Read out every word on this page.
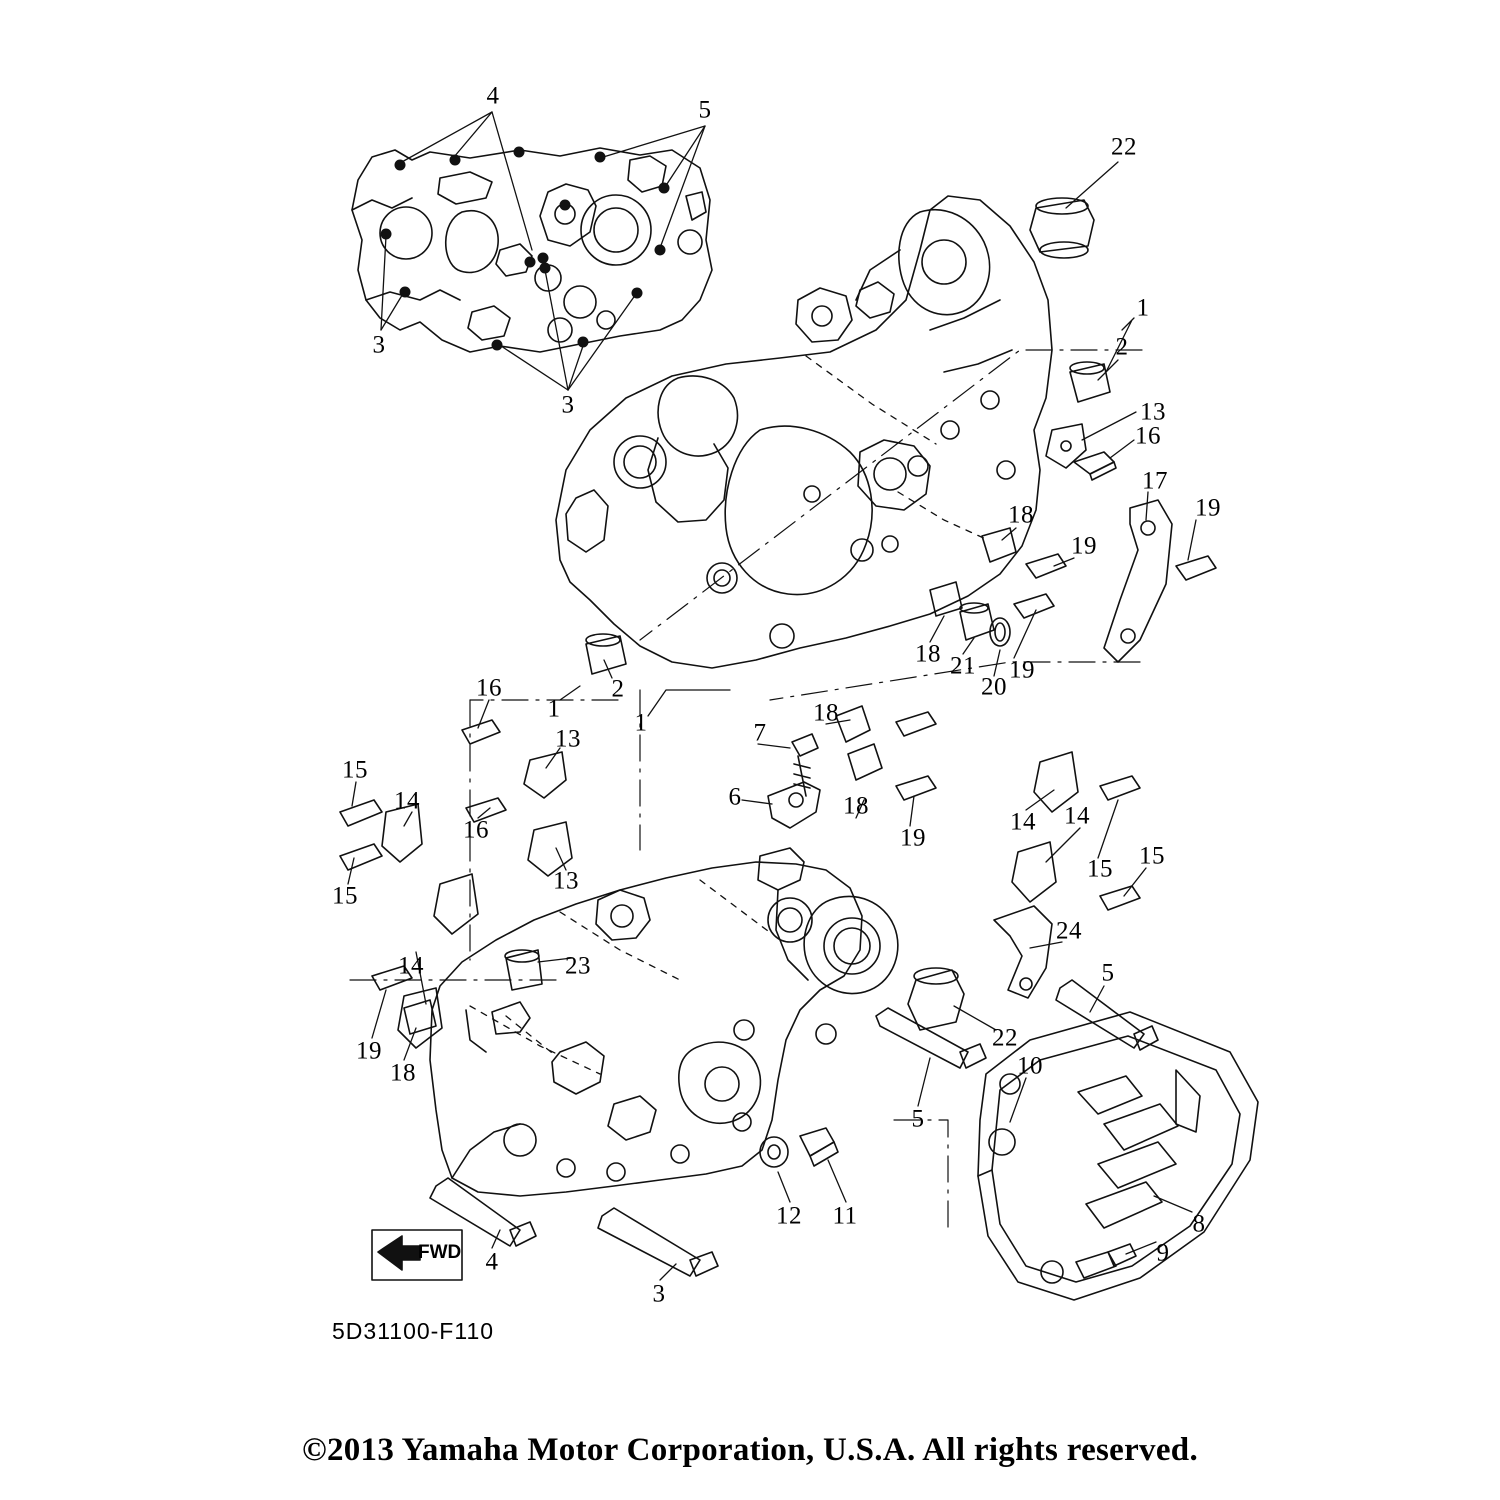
4
5
22
3
1
2
3	13
16
17
19
18
19
18 21 19
20
16	2
1	18
1	7
13
15
6	18
14
16	19
14 14
15 15
13
15
24
14	23	5
19	22
18	10
5
12 11	8
4	9
3
FWD
5D31100-F110
©2013 Yamaha Motor Corporation, U.S.A. All rights reserved.
